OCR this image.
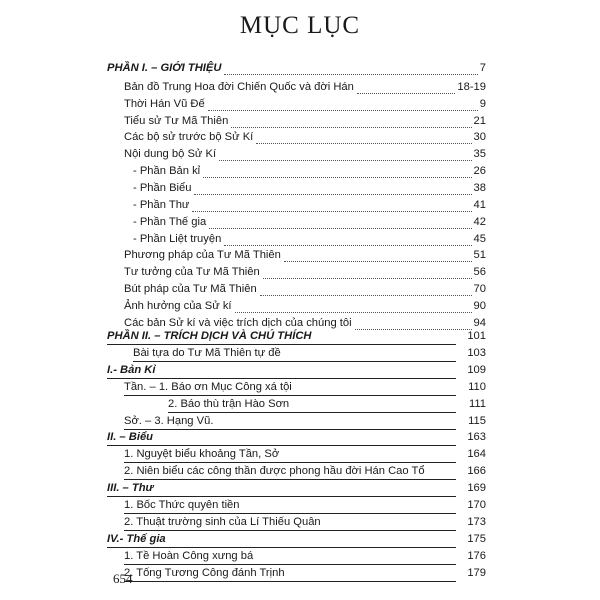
MỤC LỤC
PHẦN I. – GIỚI THIỆU	7
Bản đồ Trung Hoa đời Chiến Quốc và đời Hán	18-19
Thời Hán Vũ Đế	9
Tiểu sử Tư Mã Thiên	21
Các bộ sử trước bộ Sử Kí	30
Nội dung bộ Sử Kí	35
- Phần Bản kỉ	26
- Phần Biểu	38
- Phần Thư	41
- Phần Thế gia	42
- Phần Liệt truyện	45
Phương pháp của Tư Mã Thiên	51
Tư tưởng của Tư Mã Thiên	56
Bút pháp của Tư Mã Thiên	70
Ảnh hưởng của Sử kí	90
Các bản Sử kí và việc trích dịch của chúng tôi	94
PHẦN II. – TRÍCH DỊCH VÀ CHÚ THÍCH	101
Bài tựa do Tư Mã Thiên tự đề	103
I.- Bản Kỉ	109
Tần. – 1. Báo ơn Mục Công xá tội	110
2. Báo thù trận Hào Sơn	111
Sở. – 3. Hạng Vũ.	115
II. – Biểu	163
1. Nguyệt biểu khoảng Tần, Sở	164
2. Niên biểu các công thần được phong hầu đời Hán Cao Tổ	166
III. – Thư	169
1. Bốc Thức quyên tiền	170
2. Thuật trường sinh của Lí Thiếu Quân	173
IV.- Thế gia	175
1. Tề Hoàn Công xưng bá	176
2. Tống Tương Công đánh Trịnh	179
654
